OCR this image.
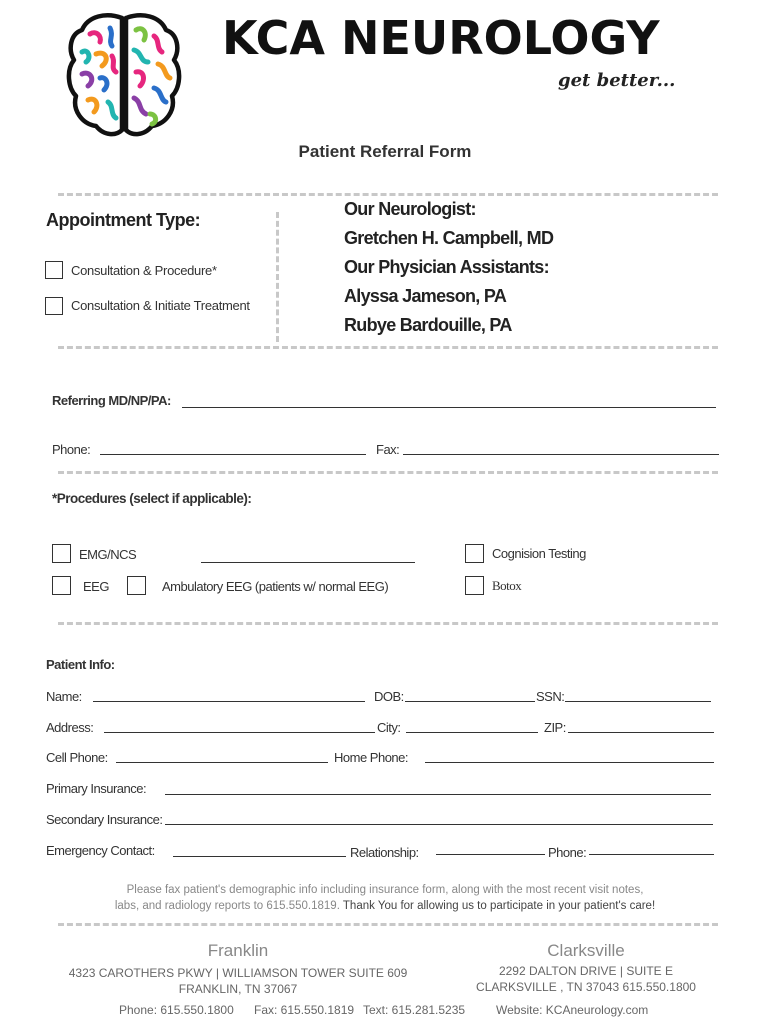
KCA NEUROLOGY
get better...
Patient Referral Form
Appointment Type:
Consultation & Procedure*
Consultation & Initiate Treatment
Our Neurologist:
Gretchen H. Campbell, MD
Our Physician Assistants:
Alyssa Jameson, PA
Rubye Bardouille, PA
Referring MD/NP/PA:
Phone:	Fax:
*Procedures (select if applicable):
EMG/NCS
EEG	Ambulatory EEG (patients w/ normal EEG)
Cognision Testing
Botox
Patient Info:
Name:	DOB:	SSN:
Address:	City:	ZIP:
Cell Phone:	Home Phone:
Primary Insurance:
Secondary Insurance:
Emergency Contact:	Relationship:	Phone:
Please fax patient's demographic info including insurance form, along with the most recent visit notes,
labs, and radiology reports to 615.550.1819. Thank You for allowing us to participate in your patient's care!
Franklin
4323 CAROTHERS PKWY | WILLIAMSON TOWER SUITE 609
FRANKLIN, TN 37067
Clarksville
2292 DALTON DRIVE | SUITE E
CLARKSVILLE , TN 37043 615.550.1800
Phone: 615.550.1800 Fax: 615.550.1819 Text: 615.281.5235	Website: KCAneurology.com
